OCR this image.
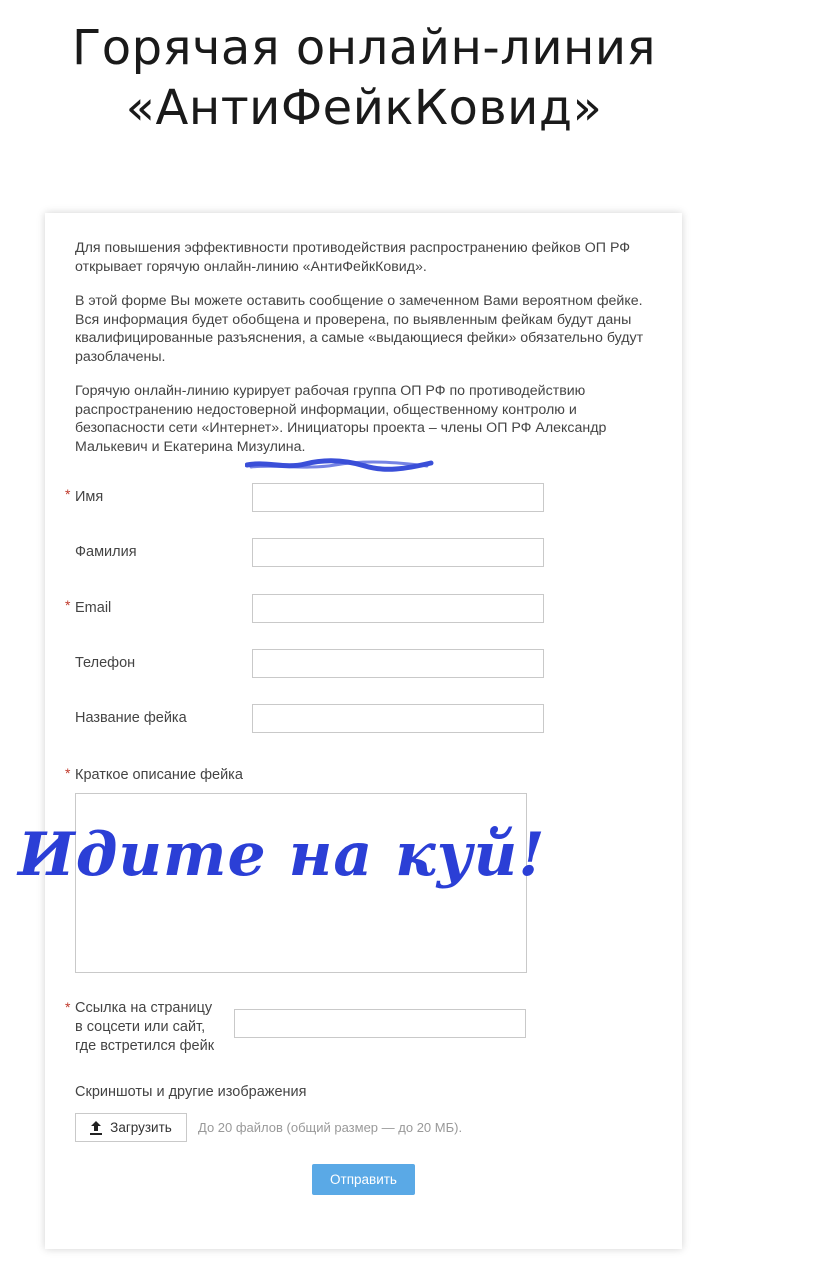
Горячая онлайн-линия
«АнтиФейкКовид»

Для повышения эффективности противодействия распространению фейков ОП РФ открывает горячую онлайн-линию «АнтиФейкКовид».

В этой форме Вы можете оставить сообщение о замеченном Вами вероятном фейке. Вся информация будет обобщена и проверена, по выявленным фейкам будут даны квалифицированные разъяснения, а самые «выдающиеся фейки» обязательно будут разоблачены.

Горячую онлайн-линию курирует рабочая группа ОП РФ по противодействию распространению недостоверной информации, общественному контролю и безопасности сети «Интернет». Инициаторы проекта – члены ОП РФ Александр Малькевич и Екатерина Мизулина.

* Имя
Фамилия
* Email
Телефон
Название фейка
* Краткое описание фейка
* Ссылка на страницу
в соцсети или сайт,
где встретился фейк
Скриншоты и другие изображения
Загрузить До 20 файлов (общий размер — до 20 МБ).
Отправить
Идите на куй!
